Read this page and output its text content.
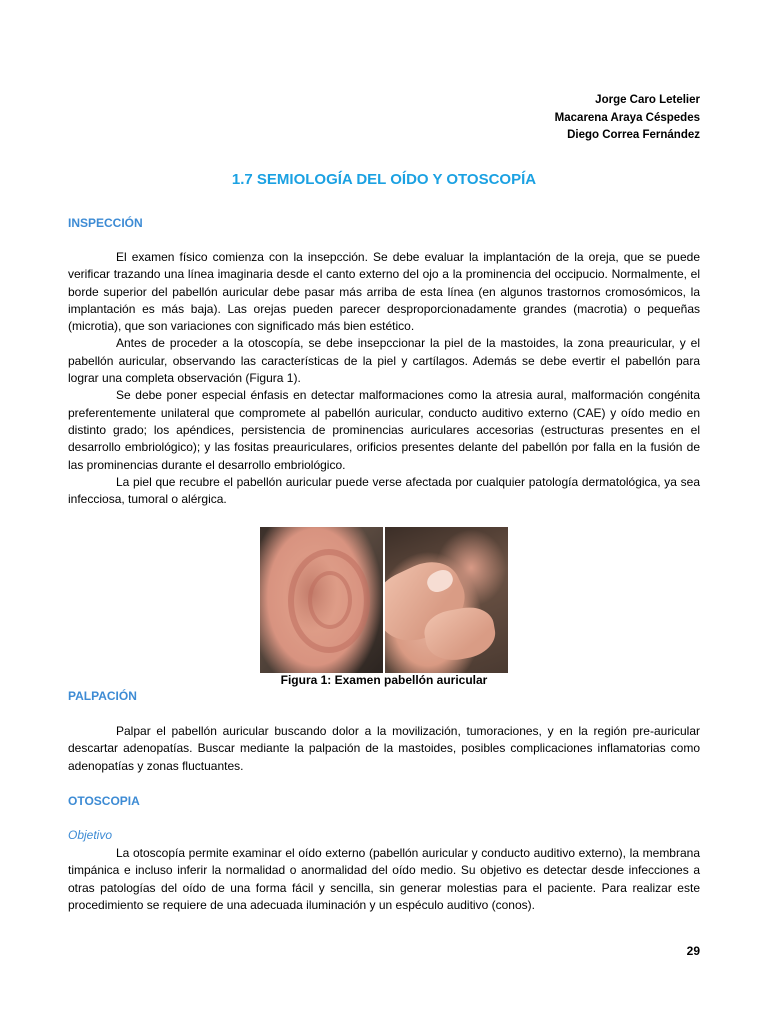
Jorge Caro Letelier
Macarena Araya Céspedes
Diego Correa Fernández
1.7 SEMIOLOGÍA DEL OÍDO Y OTOSCOPÍA
INSPECCIÓN

El examen físico comienza con la insepcción. Se debe evaluar la implantación de la oreja, que se puede verificar trazando una línea imaginaria desde el canto externo del ojo a la prominencia del occipucio. Normalmente, el borde superior del pabellón auricular debe pasar más arriba de esta línea (en algunos trastornos cromosómicos, la implantación es más baja). Las orejas pueden parecer desproporcionadamente grandes (macrotia) o pequeñas (microtia), que son variaciones con significado más bien estético.

Antes de proceder a la otoscopía, se debe insepccionar la piel de la mastoides, la zona preauricular, y el pabellón auricular, observando las características de la piel y cartílagos. Además se debe evertir el pabellón para lograr una completa observación (Figura 1).

Se debe poner especial énfasis en detectar malformaciones como la atresia aural, malformación congénita preferentemente unilateral que compromete al pabellón auricular, conducto auditivo externo (CAE) y oído medio en distinto grado; los apéndices, persistencia de prominencias auriculares accesorias (estructuras presentes en el desarrollo embriológico); y las fositas preauriculares, orificios presentes delante del pabellón por falla en la fusión de las prominencias durante el desarrollo embriológico.

La piel que recubre el pabellón auricular puede verse afectada por cualquier patología dermatológica, ya sea infecciosa, tumoral o alérgica.

Figura 1: Examen pabellón auricular
PALPACIÓN

Palpar el pabellón auricular buscando dolor a la movilización, tumoraciones, y en la región pre-auricular descartar adenopatías. Buscar mediante la palpación de la mastoides, posibles complicaciones inflamatorias como adenopatías y zonas fluctuantes.

OTOSCOPIA
Objetivo

La otoscopía permite examinar el oído externo (pabellón auricular y conducto auditivo externo), la membrana timpánica e incluso inferir la normalidad o anormalidad del oído medio. Su objetivo es detectar desde infecciones a otras patologías del oído de una forma fácil y sencilla, sin generar molestias para el paciente. Para realizar este procedimiento se requiere de una adecuada iluminación y un espéculo auditivo (conos).

29
